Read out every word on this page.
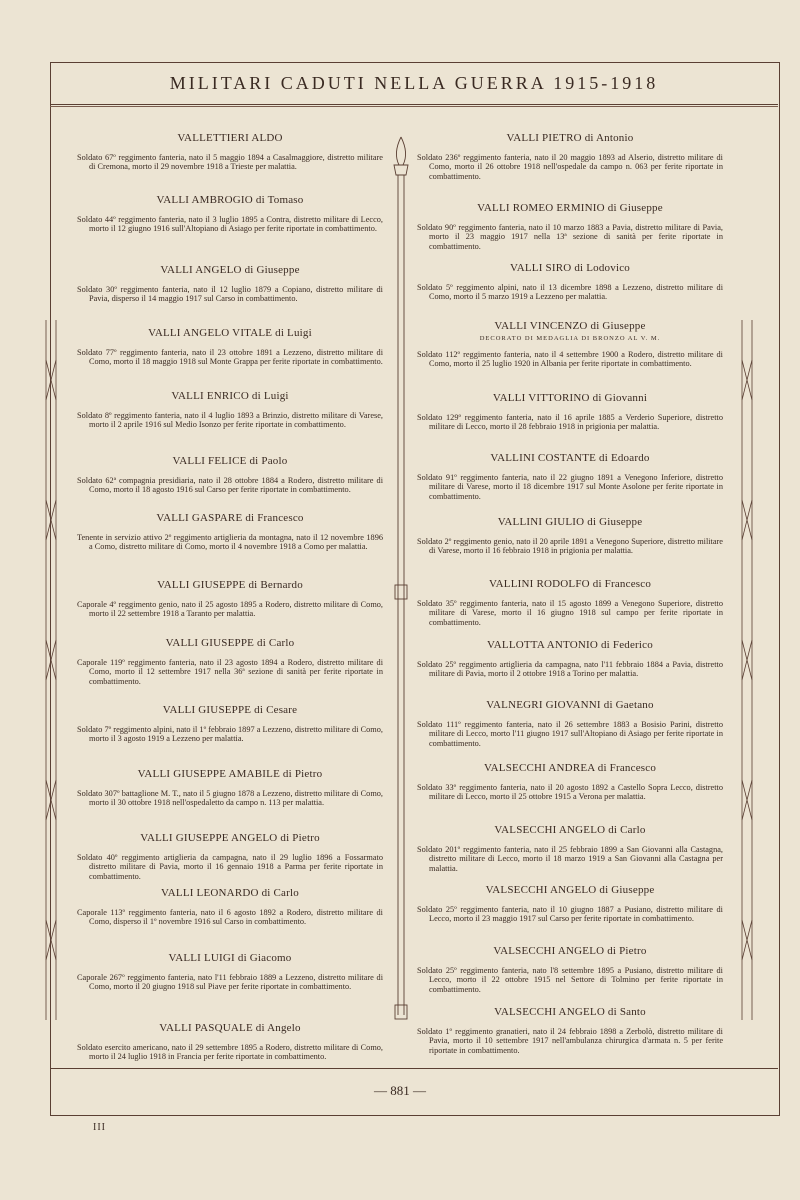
MILITARI CADUTI NELLA GUERRA 1915-1918
VALLETTIERI ALDO

Soldato 67º reggimento fanteria, nato il 5 maggio 1894 a Casalmaggiore, distretto militare di Cremona, morto il 29 novembre 1918 a Trieste per malattia.

VALLI AMBROGIO di Tomaso

Soldato 44º reggimento fanteria, nato il 3 luglio 1895 a Contra, distretto militare di Lecco, morto il 12 giugno 1916 sull'Altopiano di Asiago per ferite riportate in combattimento.

VALLI ANGELO di Giuseppe

Soldato 30º reggimento fanteria, nato il 12 luglio 1879 a Copiano, distretto militare di Pavia, disperso il 14 maggio 1917 sul Carso in combattimento.

VALLI ANGELO VITALE di Luigi

Soldato 77º reggimento fanteria, nato il 23 ottobre 1891 a Lezzeno, distretto militare di Como, morto il 18 maggio 1918 sul Monte Grappa per ferite riportate in combattimento.

VALLI ENRICO di Luigi

Soldato 8º reggimento fanteria, nato il 4 luglio 1893 a Brinzio, distretto militare di Varese, morto il 2 aprile 1916 sul Medio Isonzo per ferite riportate in combattimento.

VALLI FELICE di Paolo

Soldato 62ª compagnia presidiaria, nato il 28 ottobre 1884 a Rodero, distretto militare di Como, morto il 18 agosto 1916 sul Carso per ferite riportate in combattimento.

VALLI GASPARE di Francesco

Tenente in servizio attivo 2º reggimento artiglieria da montagna, nato il 12 novembre 1896 a Como, distretto militare di Como, morto il 4 novembre 1918 a Como per malattia.

VALLI GIUSEPPE di Bernardo

Caporale 4º reggimento genio, nato il 25 agosto 1895 a Rodero, distretto militare di Como, morto il 22 settembre 1918 a Taranto per malattia.

VALLI GIUSEPPE di Carlo

Caporale 119º reggimento fanteria, nato il 23 agosto 1894 a Rodero, distretto militare di Como, morto il 12 settembre 1917 nella 36ª sezione di sanità per ferite riportate in combattimento.

VALLI GIUSEPPE di Cesare

Soldato 7º reggimento alpini, nato il 1º febbraio 1897 a Lezzeno, distretto militare di Como, morto il 3 agosto 1919 a Lezzeno per malattia.

VALLI GIUSEPPE AMABILE di Pietro

Soldato 307º battaglione M. T., nato il 5 giugno 1878 a Lezzeno, distretto militare di Como, morto il 30 ottobre 1918 nell'ospedaletto da campo n. 113 per malattia.

VALLI GIUSEPPE ANGELO di Pietro

Soldato 40º reggimento artiglieria da campagna, nato il 29 luglio 1896 a Fossarmato distretto militare di Pavia, morto il 16 gennaio 1918 a Parma per ferite riportate in combattimento.

VALLI LEONARDO di Carlo

Caporale 113º reggimento fanteria, nato il 6 agosto 1892 a Rodero, distretto militare di Como, disperso il 1º novembre 1916 sul Carso in combattimento.

VALLI LUIGI di Giacomo

Caporale 267º reggimento fanteria, nato l'11 febbraio 1889 a Lezzeno, distretto militare di Como, morto il 20 giugno 1918 sul Piave per ferite riportate in combattimento.

VALLI PASQUALE di Angelo

Soldato esercito americano, nato il 29 settembre 1895 a Rodero, distretto militare di Como, morto il 24 luglio 1918 in Francia per ferite riportate in combattimento.

VALLI PIETRO di Antonio

Soldato 236º reggimento fanteria, nato il 20 maggio 1893 ad Alserio, distretto militare di Como, morto il 26 ottobre 1918 nell'ospedale da campo n. 063 per ferite riportate in combattimento.

VALLI ROMEO ERMINIO di Giuseppe

Soldato 90º reggimento fanteria, nato il 10 marzo 1883 a Pavia, distretto militare di Pavia, morto il 23 maggio 1917 nella 13ª sezione di sanità per ferite riportate in combattimento.

VALLI SIRO di Lodovico

Soldato 5º reggimento alpini, nato il 13 dicembre 1898 a Lezzeno, distretto militare di Como, morto il 5 marzo 1919 a Lezzeno per malattia.

VALLI VINCENZO di Giuseppe
DECORATO DI MEDAGLIA DI BRONZO AL V. M.

Soldato 112º reggimento fanteria, nato il 4 settembre 1900 a Rodero, distretto militare di Como, morto il 25 luglio 1920 in Albania per ferite riportate in combattimento.

VALLI VITTORINO di Giovanni

Soldato 129º reggimento fanteria, nato il 16 aprile 1885 a Verderio Superiore, distretto militare di Lecco, morto il 28 febbraio 1918 in prigionia per malattia.

VALLINI COSTANTE di Edoardo

Soldato 91º reggimento fanteria, nato il 22 giugno 1891 a Venegono Inferiore, distretto militare di Varese, morto il 18 dicembre 1917 sul Monte Asolone per ferite riportate in combattimento.

VALLINI GIULIO di Giuseppe

Soldato 2º reggimento genio, nato il 20 aprile 1891 a Venegono Superiore, distretto militare di Varese, morto il 16 febbraio 1918 in prigionia per malattia.

VALLINI RODOLFO di Francesco

Soldato 35º reggimento fanteria, nato il 15 agosto 1899 a Venegono Superiore, distretto militare di Varese, morto il 16 giugno 1918 sul campo per ferite riportate in combattimento.

VALLOTTA ANTONIO di Federico

Soldato 25º reggimento artiglieria da campagna, nato l'11 febbraio 1884 a Pavia, distretto militare di Pavia, morto il 2 ottobre 1918 a Torino per malattia.

VALNEGRI GIOVANNI di Gaetano

Soldato 111º reggimento fanteria, nato il 26 settembre 1883 a Bosisio Parini, distretto militare di Lecco, morto l'11 giugno 1917 sull'Altopiano di Asiago per ferite riportate in combattimento.

VALSECCHI ANDREA di Francesco

Soldato 33º reggimento fanteria, nato il 20 agosto 1892 a Castello Sopra Lecco, distretto militare di Lecco, morto il 25 ottobre 1915 a Verona per malattia.

VALSECCHI ANGELO di Carlo

Soldato 201º reggimento fanteria, nato il 25 febbraio 1899 a San Giovanni alla Castagna, distretto militare di Lecco, morto il 18 marzo 1919 a San Giovanni alla Castagna per malattia.

VALSECCHI ANGELO di Giuseppe

Soldato 25º reggimento fanteria, nato il 10 giugno 1887 a Pusiano, distretto militare di Lecco, morto il 23 maggio 1917 sul Carso per ferite riportate in combattimento.

VALSECCHI ANGELO di Pietro

Soldato 25º reggimento fanteria, nato l'8 settembre 1895 a Pusiano, distretto militare di Lecco, morto il 22 ottobre 1915 nel Settore di Tolmino per ferite riportate in combattimento.

VALSECCHI ANGELO di Santo

Soldato 1º reggimento granatieri, nato il 24 febbraio 1898 a Zerbolò, distretto militare di Pavia, morto il 10 settembre 1917 nell'ambulanza chirurgica d'armata n. 5 per ferite riportate in combattimento.

— 881 —
III
